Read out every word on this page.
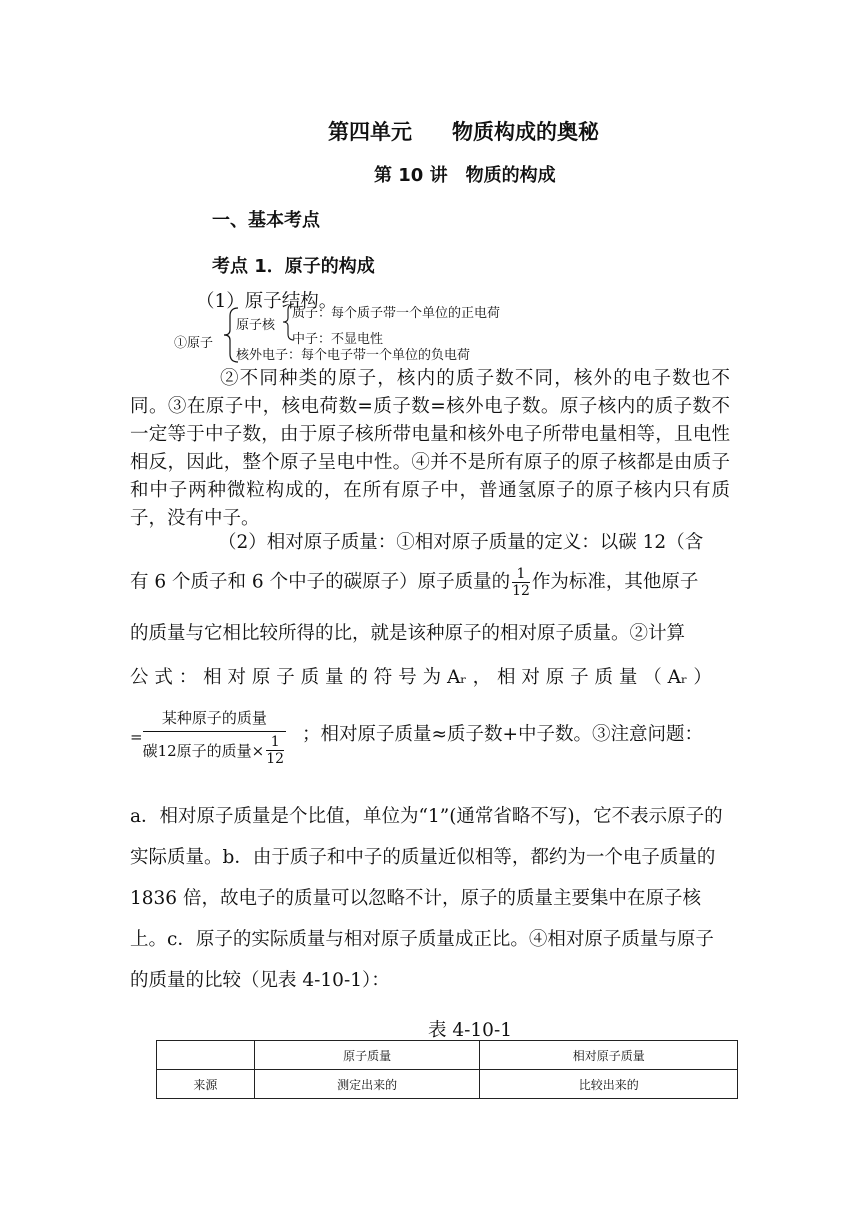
第四单元 物质构成的奥秘
第 10 讲　物质的构成
一、基本考点
考点 1．原子的构成
（1）原子结构。
①原子
原子核
质子：每个质子带一个单位的正电荷
中子：不显电性
核外电子：每个电子带一个单位的负电荷
②不同种类的原子，核内的质子数不同，核外的电子数也不同。③在原子中，核电荷数=质子数=核外电子数。原子核内的质子数不一定等于中子数，由于原子核所带电量和核外电子所带电量相等，且电性相反，因此，整个原子呈电中性。④并不是所有原子的原子核都是由质子和中子两种微粒构成的，在所有原子中，普通氢原子的原子核内只有质子，没有中子。
（2）相对原子质量：①相对原子质量的定义：以碳 12（含
有 6 个质子和 6 个中子的碳原子）原子质量的 $\frac{1}{12}$ 作为标准，其他原子
的质量与它相比较所得的比，就是该种原子的相对原子质量。②计算
公 式 ： 相 对 原 子 质 量 的 符 号 为 Aᵣ ， 相 对 原 子 质 量 （ Aᵣ ）
=
某种原子的质量
碳12原子的质量× $\frac{1}{12}$ ；相对原子质量≈质子数+中子数。③注意问题：
a．相对原子质量是个比值，单位为“1”(通常省略不写)，它不表示原子的实际质量。b．由于质子和中子的质量近似相等，都约为一个电子质量的 1836 倍，故电子的质量可以忽略不计，原子的质量主要集中在原子核上。c．原子的实际质量与相对原子质量成正比。④相对原子质量与原子的质量的比较（见表 4-10-1）：
表 4-10-1
	原子质量	相对原子质量
来源	测定出来的	比较出来的
